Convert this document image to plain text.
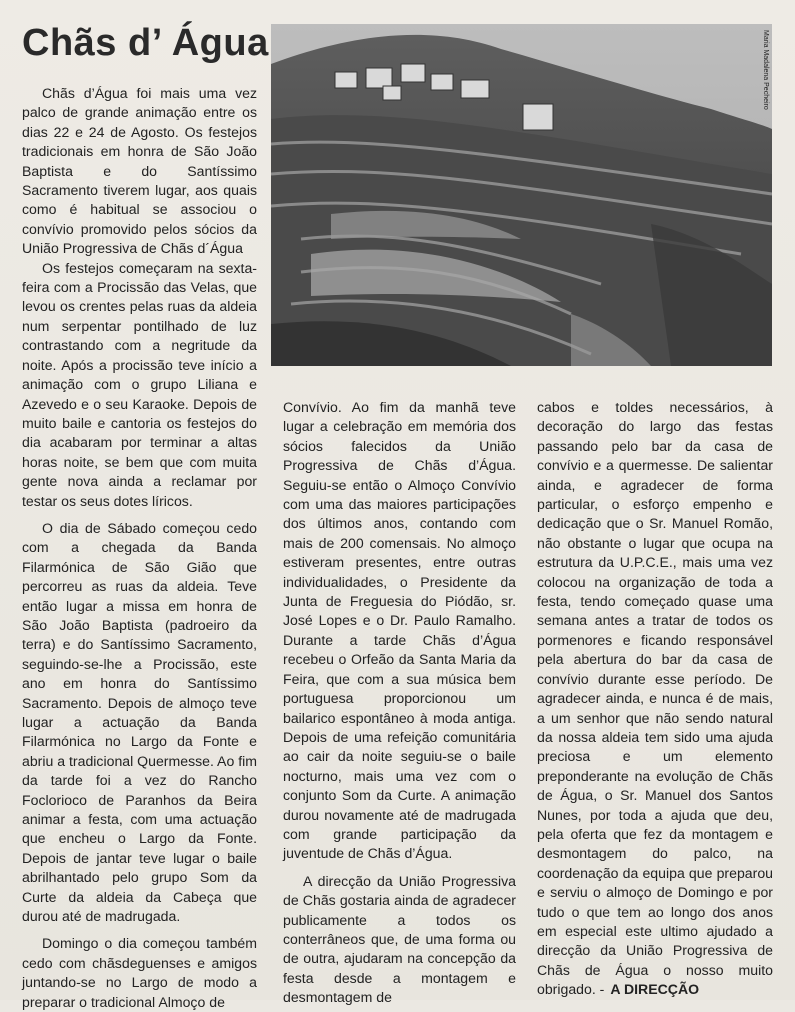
Chãs d’ Água

Chãs d’Água foi mais uma vez palco de grande animação entre os dias 22 e 24 de Agosto. Os festejos tradicionais em honra de São João Baptista e do Santíssimo Sacramento tiverem lugar, aos quais como é habitual se associou o convívio promovido pelos sócios da União Progressiva de Chãs d´Água

Os festejos começaram na sexta-feira com a Procissão das Velas, que levou os crentes pelas ruas da aldeia num serpentar pontilhado de luz contrastando com a negritude da noite. Após a procissão teve início a animação com o grupo Liliana e Azevedo e o seu Karaoke. Depois de muito baile e cantoria os festejos do dia acabaram por terminar a altas horas noite, se bem que com muita gente nova ainda a reclamar por testar os seus dotes líricos.

O dia de Sábado começou cedo com a chegada da Banda Filarmónica de São Gião que percorreu as ruas da aldeia. Teve então lugar a missa em honra de São João Baptista (padroeiro da terra) e do Santíssimo Sacramento, seguindo-se-lhe a Procissão, este ano em honra do Santíssimo Sacramento. Depois de almoço teve lugar a actuação da Banda Filarmónica no Largo da Fonte e abriu a tradicional Quermesse. Ao fim da tarde foi a vez do Rancho Foclorioco de Paranhos da Beira animar a festa, com uma actuação que encheu o Largo da Fonte. Depois de jantar teve lugar o baile abrilhantado pelo grupo Som da Curte da aldeia da Cabeça que durou até de madrugada.

Domingo o dia começou também cedo com chãsdeguenses e amigos juntando-se no Largo de modo a preparar o tradicional Almoço de

Maria Madalena Pecheiro

Convívio. Ao fim da manhã teve lugar a celebração em memória dos sócios falecidos da União Progressiva de Chãs d’Água. Seguiu-se então o Almoço Convívio com uma das maiores participações dos últimos anos, contando com mais de 200 comensais. No almoço estiveram presentes, entre outras individualidades, o Presidente da Junta de Freguesia do Piódão, sr. José Lopes e o Dr. Paulo Ramalho. Durante a tarde Chãs d’Água recebeu o Orfeão da Santa Maria da Feira, que com a sua música bem portuguesa proporcionou um bailarico espontâneo à moda antiga. Depois de uma refeição comunitária ao cair da noite seguiu-se o baile nocturno, mais uma vez com o conjunto Som da Curte. A animação durou novamente até de madrugada com grande participação da juventude de Chãs d’Água.

A direcção da União Progressiva de Chãs gostaria ainda de agradecer publicamente a todos os conterrâneos que, de uma forma ou de outra, ajudaram na concepção da festa desde a montagem e desmontagem de

cabos e toldes necessários, à decoração do largo das festas passando pelo bar da casa de convívio e a quermesse. De salientar ainda, e agradecer de forma particular, o esforço empenho e dedicação que o Sr. Manuel Romão, não obstante o lugar que ocupa na estrutura da U.P.C.E., mais uma vez colocou na organização de toda a festa, tendo começado quase uma semana antes a tratar de todos os pormenores e ficando responsável pela abertura do bar da casa de convívio durante esse período. De agradecer ainda, e nunca é de mais, a um senhor que não sendo natural da nossa aldeia tem sido uma ajuda preciosa e um elemento preponderante na evolução de Chãs de Água, o Sr. Manuel dos Santos Nunes, por toda a ajuda que deu, pela oferta que fez da montagem e desmontagem do palco, na coordenação da equipa que preparou e serviu o almoço de Domingo e por tudo o que tem ao longo dos anos em especial este ultimo ajudado a direcção da União Progressiva de Chãs de Água o nosso muito obrigado. - A DIRECÇÃO
